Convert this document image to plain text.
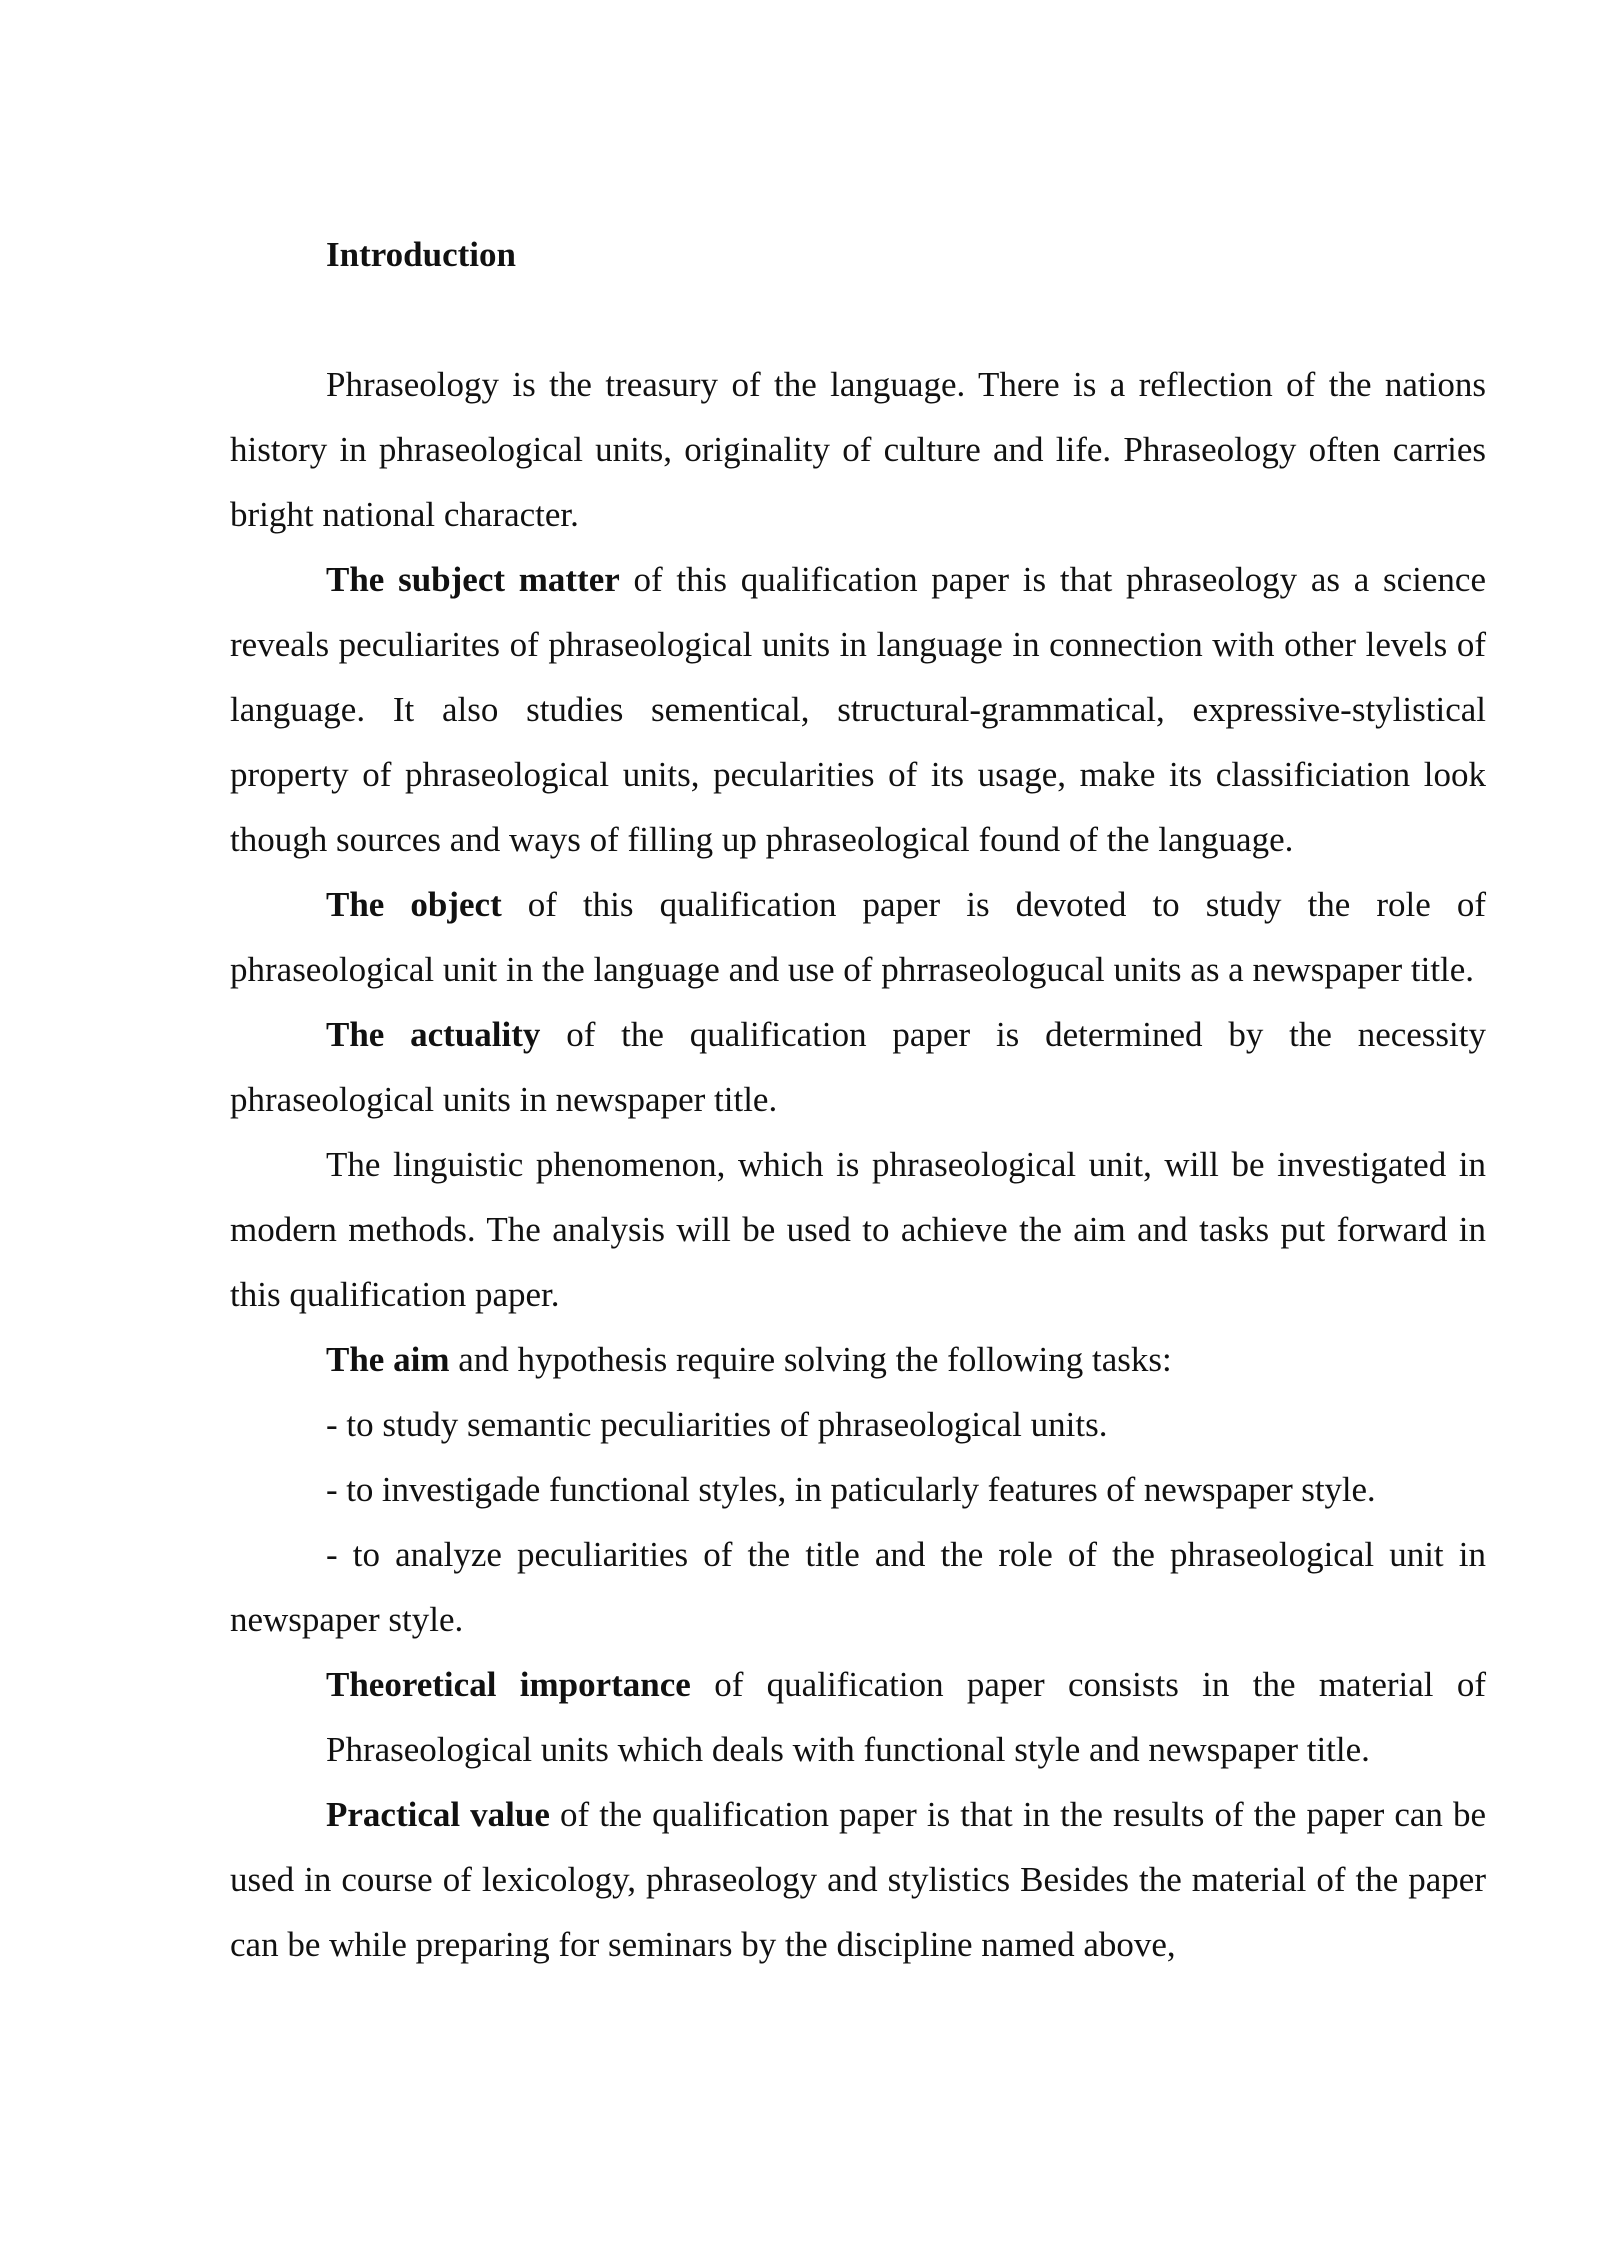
Introduction

Phraseology is the treasury of the language. There is a reflection of the nations history in phraseological units, originality of culture and life. Phraseology often carries bright national character.

The subject matter of this qualification paper is that phraseology as a science reveals peculiarites of phraseological units in language in connection with other levels of language. It also studies sementical, structural-grammatical, expressive-stylistical property of phraseological units, pecularities of its usage, make its classificiation look though sources and ways of filling up phraseological found of the language.

The object of this qualification paper is devoted to study the role of phraseological unit in the language and use of phrraseologucal units as a newspaper title.

The actuality of the qualification paper is determined by the necessity phraseological units in newspaper title.

The linguistic phenomenon, which is phraseological unit, will be investigated in modern methods. The analysis will be used to achieve the aim and tasks put forward in this qualification paper.

The aim and hypothesis require solving the following tasks:

- to study semantic peculiarities of phraseological units.

- to investigade functional styles, in paticularly features of newspaper style.

- to analyze peculiarities of the title and the role of the phraseological unit in newspaper style.

Theoretical importance of qualification paper consists in the material of Phraseological units which deals with functional style and newspaper title.

Practical value of the qualification paper is that in the results of the paper can be used in course of lexicology, phraseology and stylistics Besides the material of the paper can be while preparing for seminars by the discipline named above,
